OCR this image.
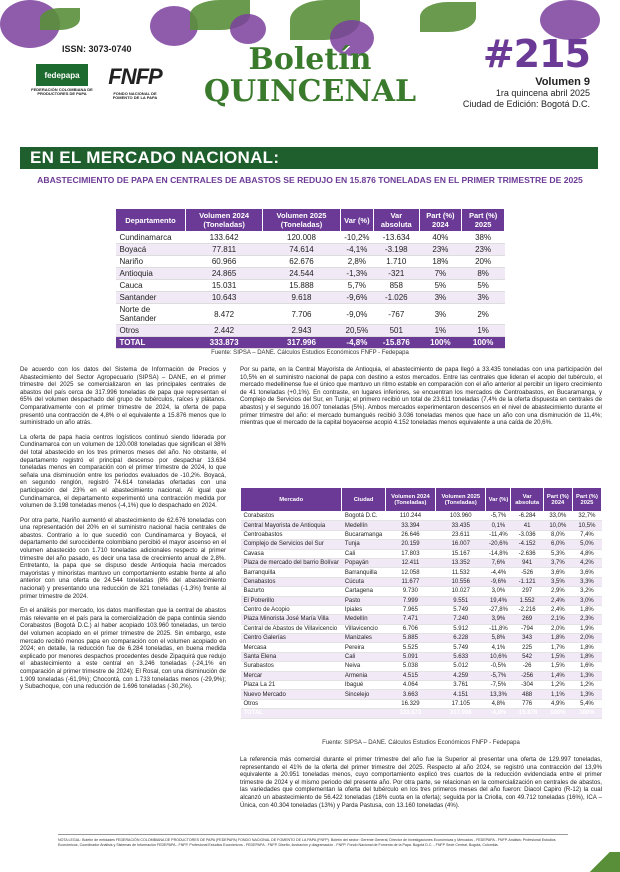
ISSN: 3073-0740
fedepapa
FEDERACIÓN COLOMBIANA DE PRODUCTORES DE PAPA
FNFP
FONDO NACIONAL DE FOMENTO DE LA PAPA
Boletín
QUINCENAL
#215
Volumen 9
1ra quincena abril 2025
Ciudad de Edición: Bogotá D.C.
EN EL MERCADO NACIONAL:
ABASTECIMIENTO DE PAPA EN CENTRALES DE ABASTOS SE REDUJO EN 15.876 TONELADAS EN EL PRIMER TRIMESTRE DE 2025
Departamento	Volumen 2024 (Toneladas)	Volumen 2025 (Toneladas)	Var (%)	Var absoluta	Part (%) 2024	Part (%) 2025
Cundinamarca	133.642	120.008	-10,2%	-13.634	40%	38%
Boyacá	77.811	74.614	-4,1%	-3.198	23%	23%
Nariño	60.966	62.676	2,8%	1.710	18%	20%
Antioquia	24.865	24.544	-1,3%	-321	7%	8%
Cauca	15.031	15.888	5,7%	858	5%	5%
Santander	10.643	9.618	-9,6%	-1.026	3%	3%
Norte de Santander	8.472	7.706	-9,0%	-767	3%	2%
Otros	2.442	2.943	20,5%	501	1%	1%
TOTAL	333.873	317.996	-4,8%	-15.876	100%	100%
Fuente: SIPSA – DANE. Cálculos Estudios Económicos FNFP - Fedepapa

De acuerdo con los datos del Sistema de Información de Precios y Abastecimiento del Sector Agropecuario (SIPSA) – DANE, en el primer trimestre del 2025 se comercializaron en las principales centrales de abastos del país cerca de 317.996 toneladas de papa que representan el 65% del volumen despachado del grupo de tubérculos, raíces y plátanos. Comparativamente con el primer trimestre de 2024, la oferta de papa presentó una contracción de 4,8% o el equivalente a 15.876 menos que lo suministrado un año atrás.

La oferta de papa hacia centros logísticos continuó siendo liderada por Cundinamarca con un volumen de 120.008 toneladas que significan el 38% del total abastecido en los tres primeros meses del año. No obstante, el departamento registró el principal descenso por despachar 13.634 toneladas menos en comparación con el primer trimestre de 2024, lo que señala una disminución entre los periodos evaluados de -10,2%. Boyacá, en segundo renglón, registró 74.614 toneladas ofertadas con una participación del 23% en el abastecimiento nacional. Al igual que Cundinamarca, el departamento experimentó una contracción medida por volumen de 3.198 toneladas menos (-4,1%) que lo despachado en 2024.

Por otra parte, Nariño aumentó el abastecimiento de 62.676 toneladas con una representación del 20% en el suministro nacional hacia centrales de abastos. Contrario a lo que sucedió con Cundinamarca y Boyacá, el departamento del suroccidente colombiano percibió el mayor ascenso en el volumen abastecido con 1.710 toneladas adicionales respecto al primer trimestre del año pasado, es decir una tasa de crecimiento anual de 2,8%. Entretanto, la papa que se dispuso desde Antioquia hacia mercados mayoristas y minoristas mantuvo un comportamiento estable frente al año anterior con una oferta de 24.544 toneladas (8% del abastecimiento nacional) y presentando una reducción de 321 toneladas (-1,3%) frente al primer trimestre de 2024.

En el análisis por mercado, los datos manifiestan que la central de abastos más relevante en el país para la comercialización de papa continúa siendo Corabastos (Bogotá D.C.) al haber acopiado 103.960 toneladas, un tercio del volumen acopiado en el primer trimestre de 2025. Sin embargo, este mercado recibió menos papa en comparación con el volumen acopiado en 2024; en detalle, la reducción fue de 6.284 toneladas, en buena medida explicado por menores despachos procedentes desde Zipaquirá que redujo el abastecimiento a este central en 3.246 toneladas (-24,1% en comparación al primer trimestre de 2024); El Rosal, con una disminución de 1.909 toneladas (-61,9%); Chocontá, con 1.733 toneladas menos (-29,9%); y Subachoque, con una reducción de 1.696 toneladas (-30,2%).

Por su parte, en la Central Mayorista de Antioquia, el abastecimiento de papa llegó a 33.435 toneladas con una participación del 10,5% en el suministro nacional de papa con destino a estos mercados. Entre las centrales que lideran el acopio del tubérculo, el mercado medellinense fue el único que mantuvo un ritmo estable en comparación con el año anterior al percibir un ligero crecimiento de 41 toneladas (+0,1%). En contraste, en lugares inferiores, se encuentran los mercados de Centroabastos, en Bucaramanga, y Complejo de Servicios del Sur, en Tunja; el primero recibió un total de 23.611 toneladas (7,4% de la oferta dispuesta en centrales de abastos) y el segundo 16.007 toneladas (5%). Ambos mercados experimentaron descensos en el nivel de abastecimiento durante el primer trimestre del año: el mercado bumangués recibió 3.036 toneladas menos que hace un año con una disminución de 11,4%; mientras que el mercado de la capital boyacense acopió 4.152 toneladas menos equivalente a una caída de 20,6%.

Mercado	Ciudad	Volumen 2024 (Toneladas)	Volumen 2025 (Toneladas)	Var (%)	Var absoluta	Part (%) 2024	Part (%) 2025
Corabastos	Bogotá D.C.	110.244	103.960	-5,7%	-6.284	33,0%	32,7%
Central Mayorista de Antioquia	Medellín	33.394	33.435	0,1%	41	10,0%	10,5%
Centroabastos	Bucaramanga	26.646	23.611	-11,4%	-3.036	8,0%	7,4%
Complejo de Servicios del Sur	Tunja	20.159	16.007	-20,6%	-4.152	6,0%	5,0%
Cavasa	Cali	17.803	15.167	-14,8%	-2.636	5,3%	4,8%
Plaza de mercado del barrio Bolívar	Popayán	12.411	13.352	7,6%	941	3,7%	4,2%
Barranquilla	Barranquilla	12.058	11.532	-4,4%	-526	3,6%	3,6%
Cenabastos	Cúcuta	11.677	10.556	-9,6%	-1.121	3,5%	3,3%
Bazurto	Cartagena	9.730	10.027	3,0%	297	2,9%	3,2%
El Potrerillo	Pasto	7.999	9.551	19,4%	1.552	2,4%	3,0%
Centro de Acopio	Ipiales	7.965	5.749	-27,8%	-2.216	2,4%	1,8%
Plaza Minorista José María Villa	Medellín	7.471	7.240	3,9%	269	2,1%	2,3%
Central de Abastos de Villavicencio	Villavicencio	6.706	5.912	-11,8%	-794	2,0%	1,9%
Centro Galerías	Manizales	5.885	6.228	5,8%	343	1,8%	2,0%
Mercasa	Pereira	5.525	5.749	4,1%	225	1,7%	1,8%
Santa Elena	Cali	5.091	5.633	10,6%	542	1,5%	1,8%
Surabastos	Neiva	5.038	5.012	-0,5%	-26	1,5%	1,6%
Mercar	Armenia	4.515	4.259	-5,7%	-256	1,4%	1,3%
Plaza La 21	Ibagué	4.064	3.761	-7,5%	-304	1,2%	1,2%
Nuevo Mercado	Sincelejo	3.663	4.151	13,3%	488	1,1%	1,3%
Otros		16.329	17.105	4,8%	776	4,9%	5,4%
TOTAL		333.873	317.996	-4,8%	-15.876	100%	100%
Fuente: SIPSA – DANE. Cálculos Estudios Económicos FNFP - Fedepapa

La referencia más comercial durante el primer trimestre del año fue la Superior al presentar una oferta de 129.997 toneladas, representando el 41% de la oferta del primer trimestre del 2025. Respecto al año 2024, se registró una contracción del 13,9% equivalente a 20.951 toneladas menos, cuyo comportamiento explicó tres cuartos de la reducción evidenciada entre el primer trimestre de 2024 y el mismo periodo del presente año. Por otra parte, se relacionan en la comercialización en centrales de abastos, las variedades que complementan la oferta del tubérculo en los tres primeros meses del año fueron: Diacol Capiro (R-12) la cual alcanzó un abastecimiento de 56.422 toneladas (18% cuota en la oferta); seguida por la Criolla, con 49.712 toneladas (16%), ICA – Única, con 40.304 toneladas (13%) y Parda Pastusa, con 13.160 toneladas (4%).

NOTA LEGAL: Boletín de entidades FEDERACIÓN COLOMBIANA DE PRODUCTORES DE PAPA (FEDEPAPA) FONDO NACIONAL DE FOMENTO DE LA PAPA (FNFP). Boletín del sector: Gerente General, Director de Investigaciones Económicas y Mercados - FEDEPAPA - FNFP. Análisis: Profesional Estudios Económicos, Coordinador Análisis y Sistemas de Información FEDEPAPA - FNFP. Profesional Estudios Económicos - FEDEPAPA - FNFP. Diseño, ilustración y diagramación - FNFP. Fondo Nacional de Fomento de la Papa. Bogotá D.C. - FNFP Sede Central, Bogotá, Colombia.
